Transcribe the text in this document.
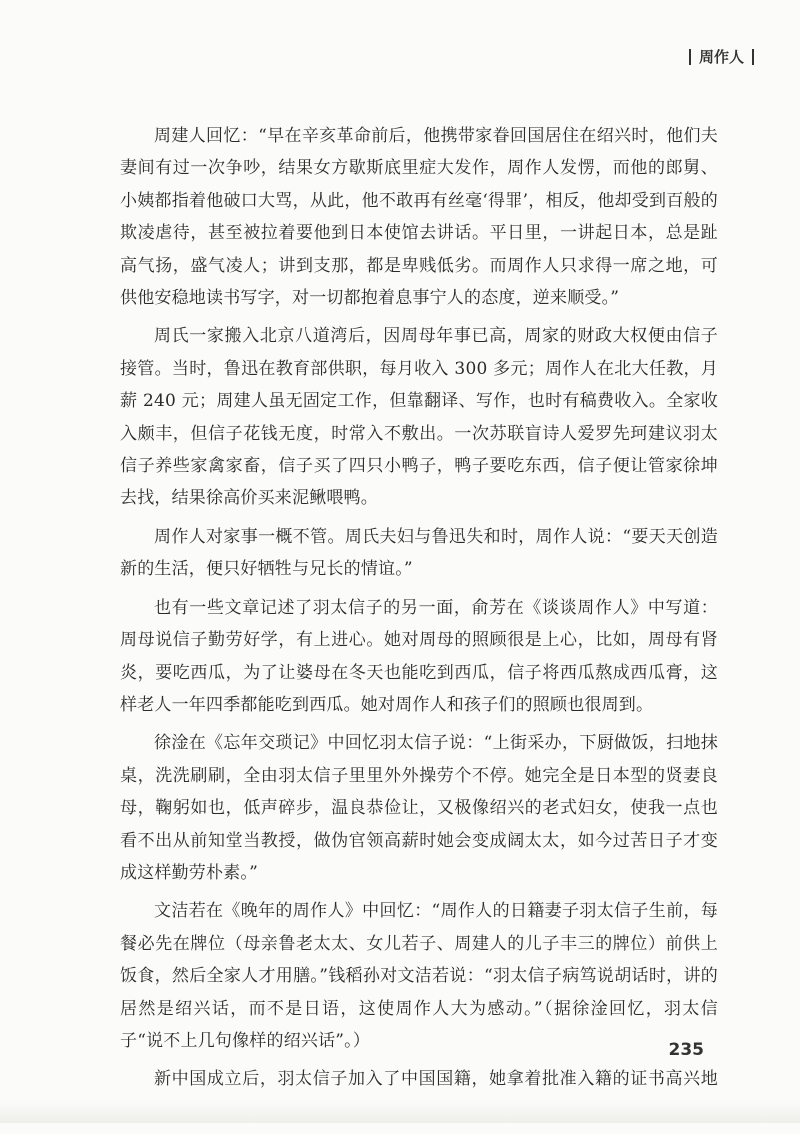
周作人

周建人回忆：“早在辛亥革命前后，他携带家眷回国居住在绍兴时，他们夫妻间有过一次争吵，结果女方歇斯底里症大发作，周作人发愣，而他的郎舅、小姨都指着他破口大骂，从此，他不敢再有丝毫‘得罪’，相反，他却受到百般的欺凌虐待，甚至被拉着要他到日本使馆去讲话。平日里，一讲起日本，总是趾高气扬，盛气凌人；讲到支那，都是卑贱低劣。而周作人只求得一席之地，可供他安稳地读书写字，对一切都抱着息事宁人的态度，逆来顺受。”

周氏一家搬入北京八道湾后，因周母年事已高，周家的财政大权便由信子接管。当时，鲁迅在教育部供职，每月收入 300 多元；周作人在北大任教，月薪 240 元；周建人虽无固定工作，但靠翻译、写作，也时有稿费收入。全家收入颇丰，但信子花钱无度，时常入不敷出。一次苏联盲诗人爱罗先珂建议羽太信子养些家禽家畜，信子买了四只小鸭子，鸭子要吃东西，信子便让管家徐坤去找，结果徐高价买来泥鳅喂鸭。

周作人对家事一概不管。周氏夫妇与鲁迅失和时，周作人说：“要天天创造新的生活，便只好牺牲与兄长的情谊。”

也有一些文章记述了羽太信子的另一面，俞芳在《谈谈周作人》中写道：周母说信子勤劳好学，有上进心。她对周母的照顾很是上心，比如，周母有肾炎，要吃西瓜，为了让婆母在冬天也能吃到西瓜，信子将西瓜熬成西瓜膏，这样老人一年四季都能吃到西瓜。她对周作人和孩子们的照顾也很周到。

徐淦在《忘年交琐记》中回忆羽太信子说：“上街采办，下厨做饭，扫地抹桌，洗洗刷刷，全由羽太信子里里外外操劳个不停。她完全是日本型的贤妻良母，鞠躬如也，低声碎步，温良恭俭让，又极像绍兴的老式妇女，使我一点也看不出从前知堂当教授，做伪官领高薪时她会变成阔太太，如今过苦日子才变成这样勤劳朴素。”

文洁若在《晚年的周作人》中回忆：“周作人的日籍妻子羽太信子生前，每餐必先在牌位（母亲鲁老太太、女儿若子、周建人的儿子丰三的牌位）前供上饭食，然后全家人才用膳。”钱稻孙对文洁若说：“羽太信子病笃说胡话时，讲的居然是绍兴话，而不是日语，这使周作人大为感动。”（据徐淦回忆，羽太信子“说不上几句像样的绍兴话”。）

新中国成立后，羽太信子加入了中国国籍，她拿着批准入籍的证书高兴地

235
